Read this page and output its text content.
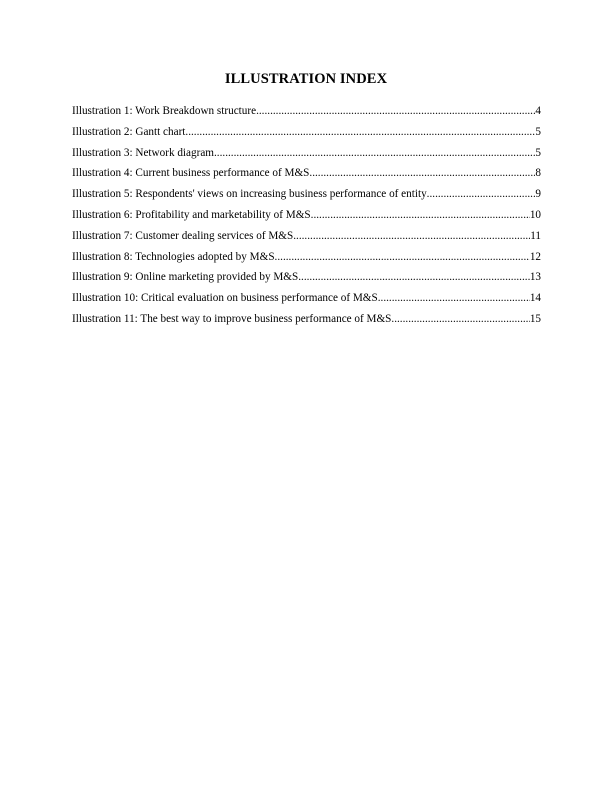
ILLUSTRATION INDEX
Illustration 1: Work Breakdown structure .....	4
Illustration 2: Gantt chart .....	5
Illustration 3: Network diagram .....	5
Illustration 4: Current business performance of M&S .....	8
Illustration 5: Respondents' views on increasing business performance of entity .....	9
Illustration 6: Profitability and marketability of M&S .....	10
Illustration 7: Customer dealing services of M&S .....	11
Illustration 8: Technologies adopted by M&S .....	12
Illustration 9: Online marketing provided by M&S .....	13
Illustration 10: Critical evaluation on business performance of M&S .....	14
Illustration 11: The best way to improve business performance of M&S .....	15
